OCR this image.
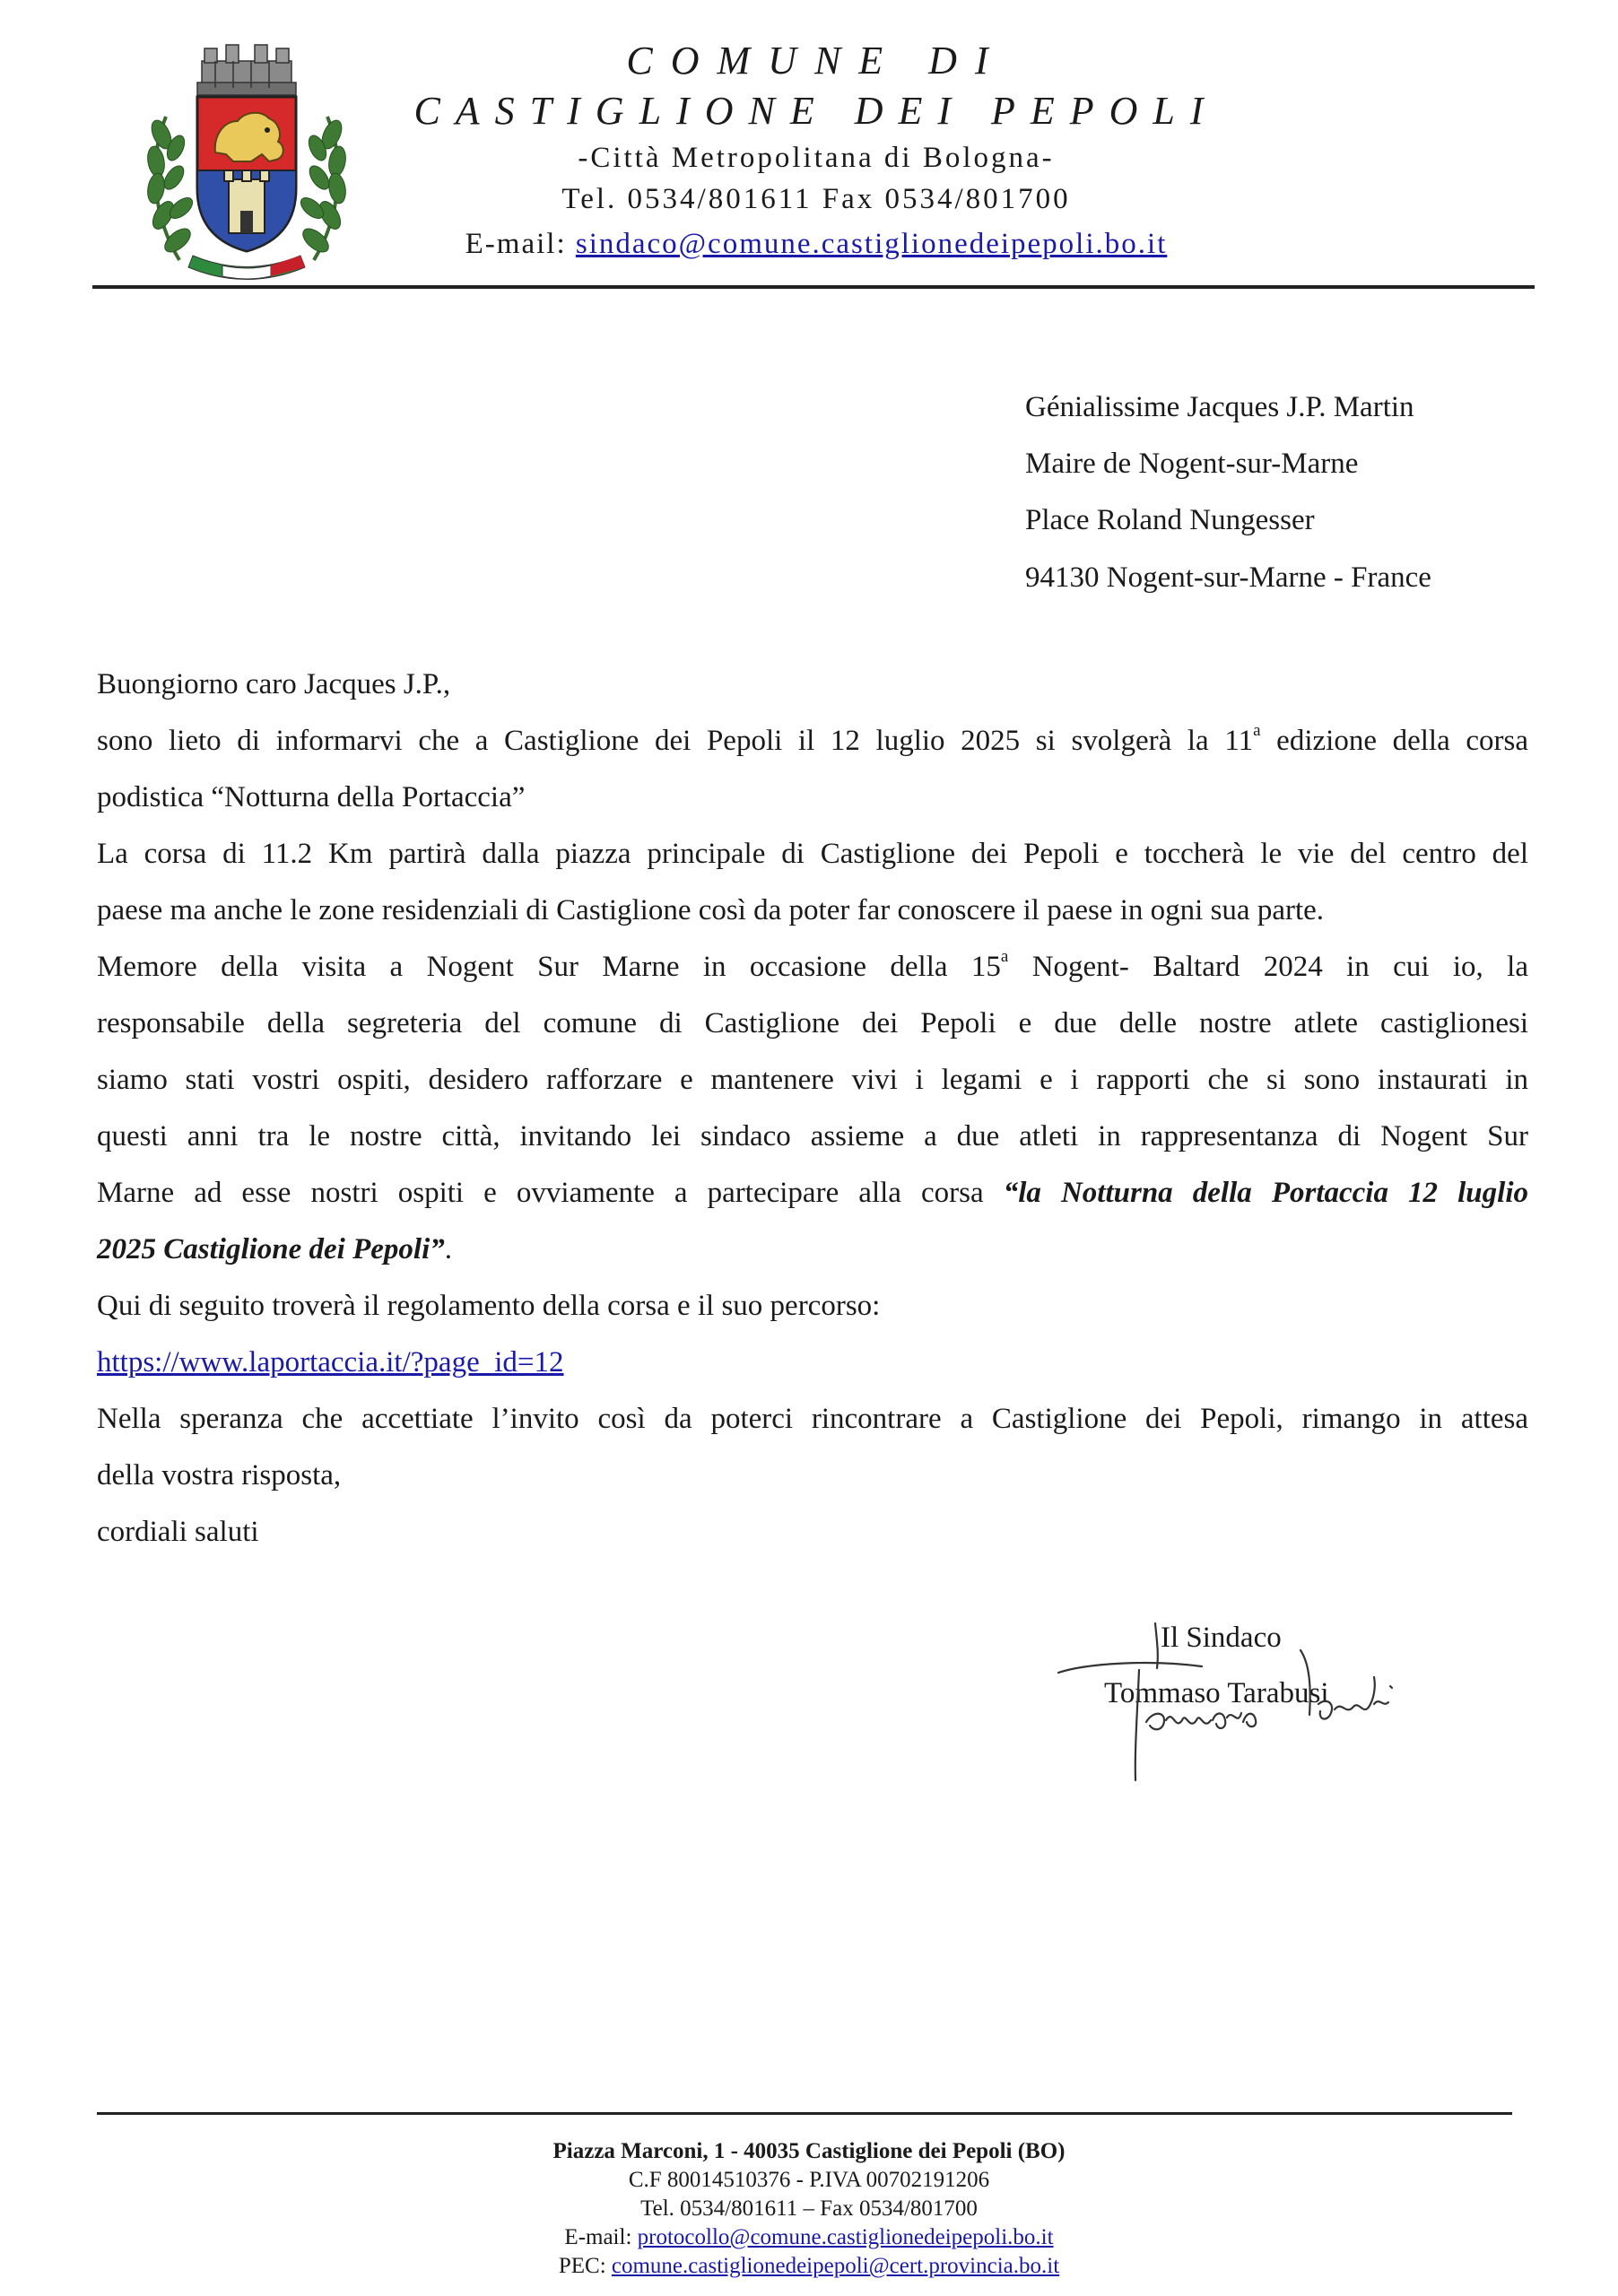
COMUNE DI
CASTIGLIONE DEI PEPOLI
-Città Metropolitana di Bologna-
Tel. 0534/801611 Fax 0534/801700
E-mail: sindaco@comune.castiglionedeipepoli.bo.it
Génialissime Jacques J.P. Martin
Maire de Nogent-sur-Marne
Place Roland Nungesser
94130 Nogent-sur-Marne - France

Buongiorno caro Jacques J.P.,

sono lieto di informarvi che a Castiglione dei Pepoli il 12 luglio 2025 si svolgerà la 11$^a$ edizione della corsa

podistica “Notturna della Portaccia”

La corsa di 11.2 Km partirà dalla piazza principale di Castiglione dei Pepoli e toccherà le vie del centro del

paese ma anche le zone residenziali di Castiglione così da poter far conoscere il paese in ogni sua parte.

Memore della visita a Nogent Sur Marne in occasione della 15$^a$ Nogent- Baltard 2024 in cui io, la

responsabile della segreteria del comune di Castiglione dei Pepoli e due delle nostre atlete castiglionesi

siamo stati vostri ospiti, desidero rafforzare e mantenere vivi i legami e i rapporti che si sono instaurati in

questi anni tra le nostre città, invitando lei sindaco assieme a due atleti in rappresentanza di Nogent Sur

Marne ad esse nostri ospiti e ovviamente a partecipare alla corsa “la Notturna della Portaccia 12 luglio

2025 Castiglione dei Pepoli”.

Qui di seguito troverà il regolamento della corsa e il suo percorso:

https://www.laportaccia.it/?page_id=12

Nella speranza che accettiate l’invito così da poterci rincontrare a Castiglione dei Pepoli, rimango in attesa

della vostra risposta,

cordiali saluti

Il Sindaco
Tommaso Tarabusi
Piazza Marconi, 1 - 40035 Castiglione dei Pepoli (BO)
C.F 80014510376 - P.IVA 00702191206
Tel. 0534/801611 – Fax 0534/801700
E-mail: protocollo@comune.castiglionedeipepoli.bo.it
PEC: comune.castiglionedeipepoli@cert.provincia.bo.it
